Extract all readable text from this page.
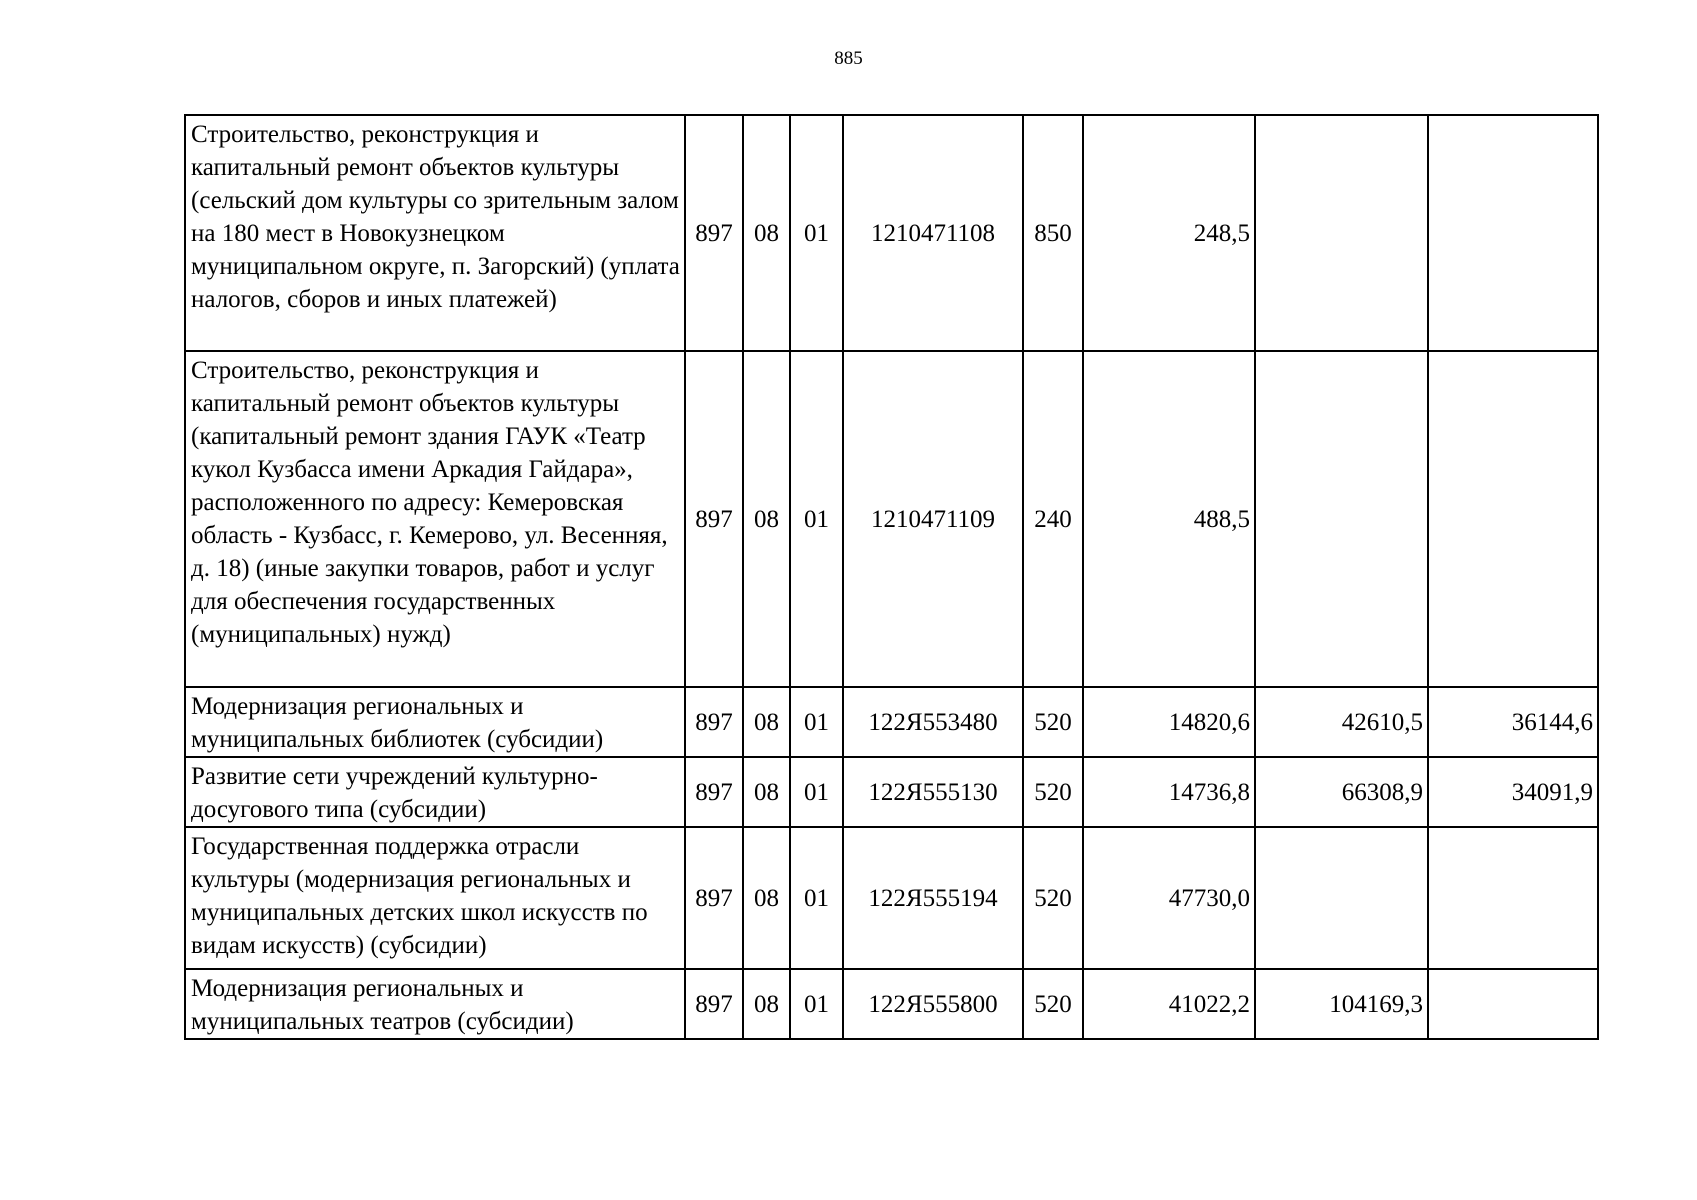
885
Строительство, реконструкция и капитальный ремонт объектов культуры (сельский дом культуры со зрительным залом на 180 мест в Новокузнецком муниципальном округе, п. Загорский) (уплата налогов, сборов и иных платежей)	897	08	01	1210471108	850	248,5		
Строительство, реконструкция и капитальный ремонт объектов культуры (капитальный ремонт здания ГАУК «Театр кукол Кузбасса имени Аркадия Гайдара», расположенного по адресу: Кемеровская область - Кузбасс, г. Кемерово, ул. Весенняя, д. 18) (иные закупки товаров, работ и услуг для обеспечения государственных (муниципальных) нужд)	897	08	01	1210471109	240	488,5		
Модернизация региональных и муниципальных библиотек (субсидии)	897	08	01	122Я553480	520	14820,6	42610,5	36144,6
Развитие сети учреждений культурно-досугового типа (субсидии)	897	08	01	122Я555130	520	14736,8	66308,9	34091,9
Государственная поддержка отрасли культуры (модернизация региональных и муниципальных детских школ искусств по видам искусств) (субсидии)	897	08	01	122Я555194	520	47730,0		
Модернизация региональных и муниципальных театров (субсидии)	897	08	01	122Я555800	520	41022,2	104169,3	
